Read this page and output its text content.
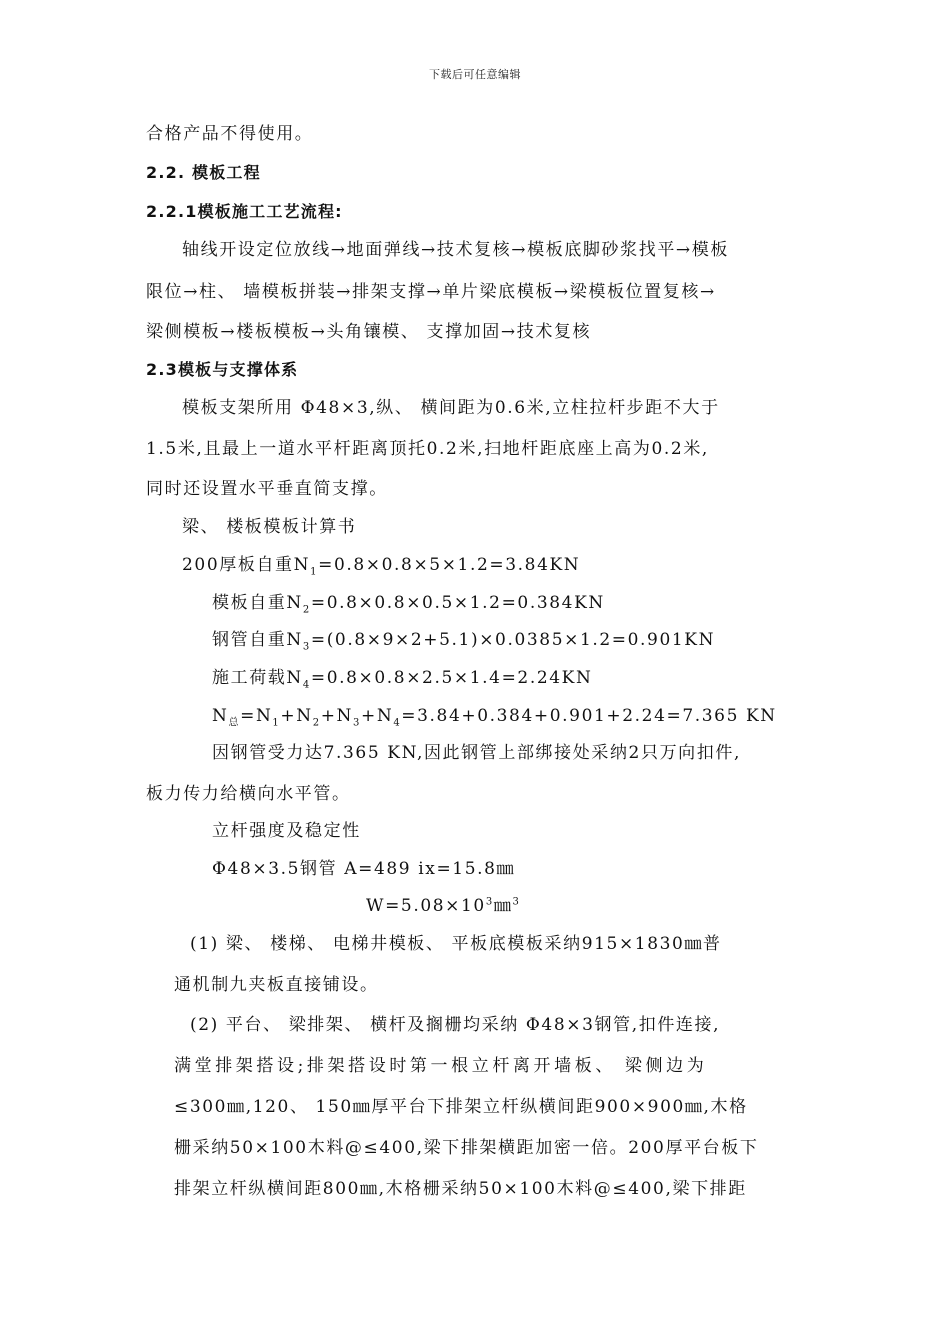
下载后可任意编辑
合格产品不得使用。
2.2. 模板工程
2.2.1模板施工工艺流程:
轴线开设定位放线→地面弹线→技术复核→模板底脚砂浆找平→模板
限位→柱、 墙模板拼装→排架支撑→单片梁底模板→梁模板位置复核→
梁侧模板→楼板模板→头角镶模、 支撑加固→技术复核
2.3模板与支撑体系
模板支架所用 Φ48×3,纵、 横间距为0.6米,立柱拉杆步距不大于
1.5米,且最上一道水平杆距离顶托0.2米,扫地杆距底座上高为0.2米,
同时还设置水平垂直简支撑。
梁、 楼板模板计算书
200厚板自重$N_1=0.8\times 0.8\times 5\times 1.2=3.84KN$
模板自重$N_2=0.8\times 0.8\times 0.5\times 1.2=0.384KN$
钢管自重$N_3=(0.8\times 9\times 2+5.1)\times 0.0385\times 1.2=0.901KN$
施工荷载$N_4=0.8\times 0.8\times 2.5\times 1.4=2.24KN$
$N_总=N_1+N_2+N_3+N_4=3.84+0.384+0.901+2.24=7.365$ KN
因钢管受力达7.365 KN,因此钢管上部绑接处采纳2只万向扣件,
板力传力给横向水平管。
立杆强度及稳定性
Φ48×3.5钢管 A=489 ix=15.8㎜
$W=5.08\times 10^3㎜^3$
(1) 梁、 楼梯、 电梯井模板、 平板底模板采纳915×1830㎜普
通机制九夹板直接铺设。
(2) 平台、 梁排架、 横杆及搁栅均采纳 Φ48×3钢管,扣件连接,
满堂排架搭设;排架搭设时第一根立杆离开墙板、 梁侧边为
≤300㎜,120、 150㎜厚平台下排架立杆纵横间距900×900㎜,木格
栅采纳50×100木料@≤400,梁下排架横距加密一倍。200厚平台板下
排架立杆纵横间距800㎜,木格栅采纳50×100木料@≤400,梁下排距
